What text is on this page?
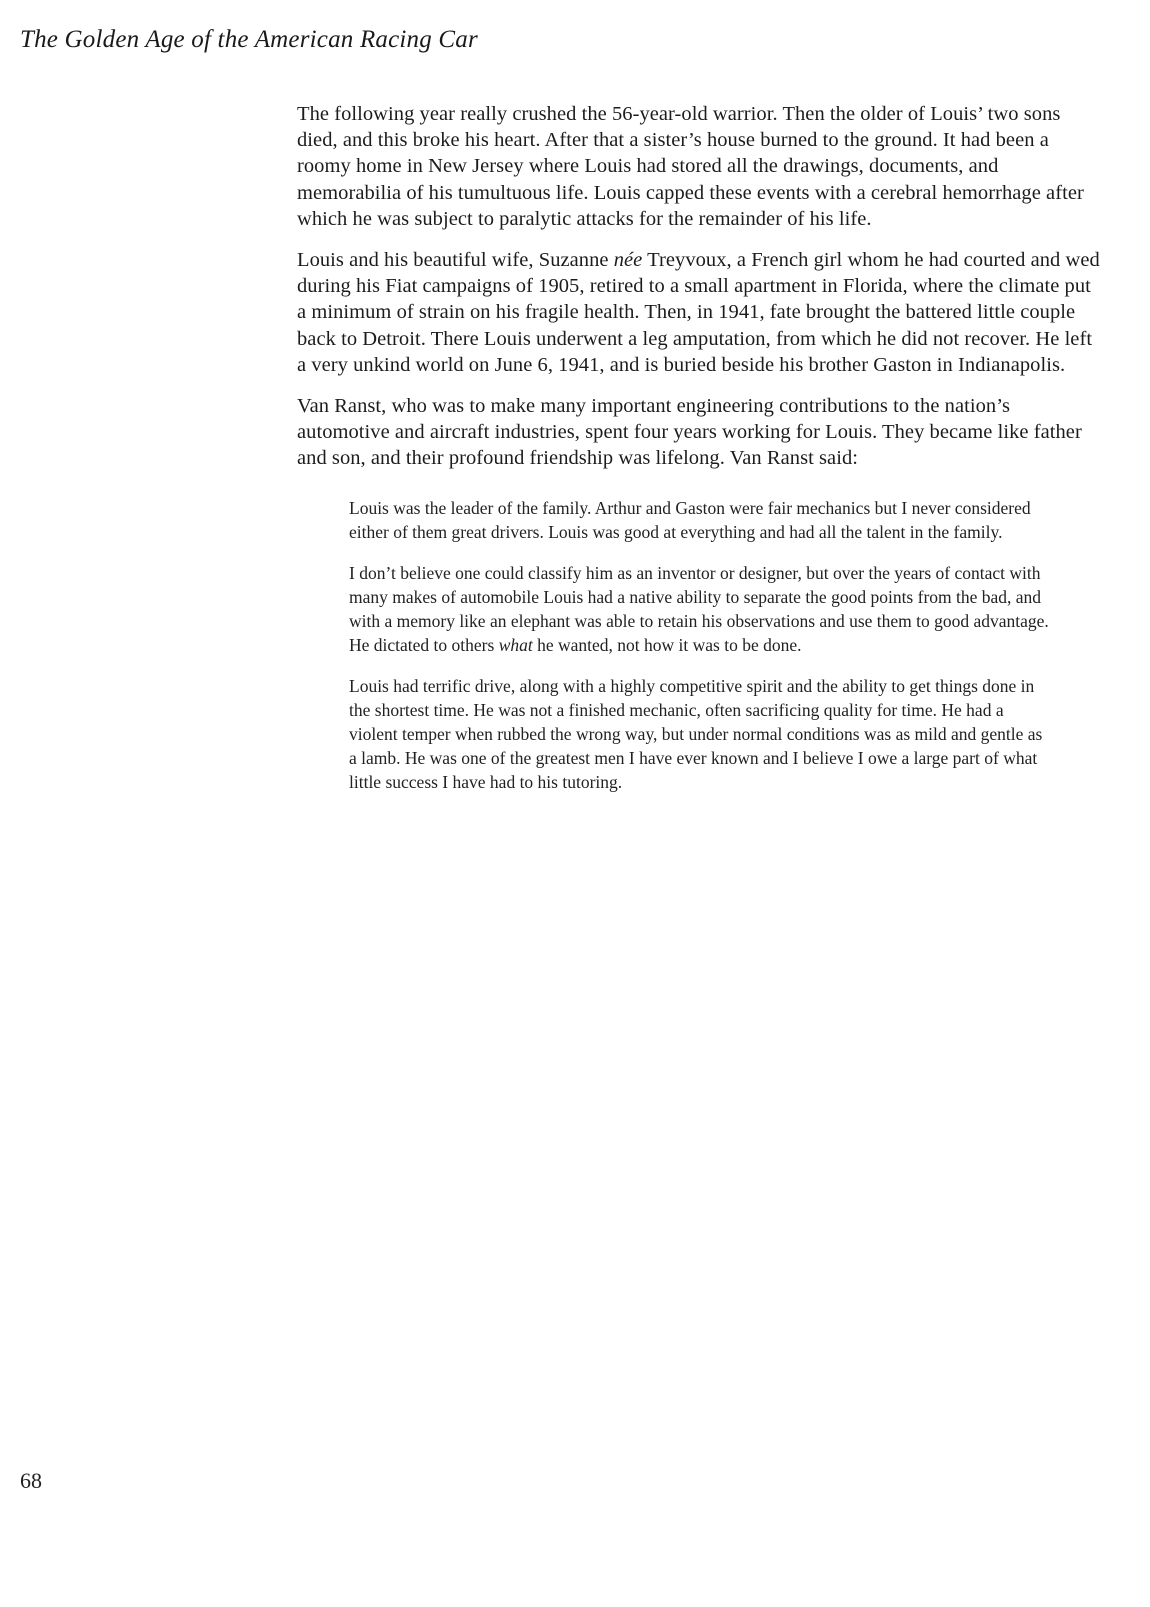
The Golden Age of the American Racing Car

The following year really crushed the 56-year-old warrior. Then the older of Louis’ two sons died, and this broke his heart. After that a sister’s house burned to the ground. It had been a roomy home in New Jersey where Louis had stored all the drawings, documents, and memorabilia of his tumultuous life. Louis capped these events with a cerebral hemorrhage after which he was subject to paralytic attacks for the remainder of his life.

Louis and his beautiful wife, Suzanne née Treyvoux, a French girl whom he had courted and wed during his Fiat campaigns of 1905, retired to a small apartment in Florida, where the climate put a minimum of strain on his fragile health. Then, in 1941, fate brought the battered little couple back to Detroit. There Louis underwent a leg amputation, from which he did not recover. He left a very unkind world on June 6, 1941, and is buried beside his brother Gaston in Indianapolis.

Van Ranst, who was to make many important engineering contributions to the nation’s automotive and aircraft industries, spent four years working for Louis. They became like father and son, and their profound friendship was lifelong. Van Ranst said:

Louis was the leader of the family. Arthur and Gaston were fair mechanics but I never considered either of them great drivers. Louis was good at everything and had all the talent in the family.

I don’t believe one could classify him as an inventor or designer, but over the years of contact with many makes of automobile Louis had a native ability to separate the good points from the bad, and with a memory like an elephant was able to retain his observations and use them to good advantage. He dictated to others what he wanted, not how it was to be done.

Louis had terrific drive, along with a highly competitive spirit and the ability to get things done in the shortest time. He was not a finished mechanic, often sacrificing quality for time. He had a violent temper when rubbed the wrong way, but under normal conditions was as mild and gentle as a lamb. He was one of the greatest men I have ever known and I believe I owe a large part of what little success I have had to his tutoring.

68
